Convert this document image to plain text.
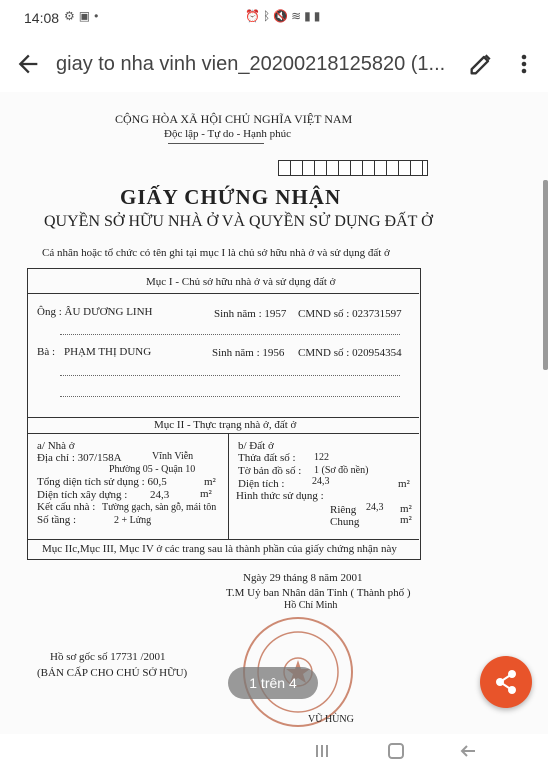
14:08 ⚙▣•	⏰ᛒ🔇≋▮▮
giay to nha vinh vien_20200218125820 (1...
CỘNG HÒA XÃ HỘI CHỦ NGHĨA VIỆT NAM
Độc lập - Tự do - Hạnh phúc
GIẤY CHỨNG NHẬN
QUYỀN SỞ HỮU NHÀ Ở VÀ QUYỀN SỬ DỤNG ĐẤT Ở
Cá nhân hoặc tổ chức có tên ghi tại mục I là chủ sở hữu nhà ở và sử dụng đất ở
Mục I - Chủ sở hữu nhà ở và sử dụng đất ở
Ông : ÂU DƯƠNG LINH	Sinh năm : 1957 CMND số : 023731597
Bà : PHẠM THỊ DUNG	Sinh năm : 1956 CMND số : 020954354
Mục II - Thực trạng nhà ở, đất ở
a/ Nhà ở
Địa chỉ : 307/158A	Vĩnh Viễn
Phường 05 - Quận 10
Tổng diện tích sử dụng : 60,5	m²
Diện tích xây dựng : 24,3	m²
Kết cấu nhà : Tường gạch, sàn gỗ, mái tôn
Số tầng :	2 + Lửng
b/ Đất ở
Thửa đất số : 122
Tờ bản đồ số : 1 (Sơ đồ nền)
Diện tích :	24,3	m²
Hình thức sử dụng :
Riêng 24,3 m²
Chung	m²
Mục IIc,Mục III, Mục IV ở các trang sau là thành phần của giấy chứng nhận này
Ngày 29 tháng 8 năm 2001
T.M Uỷ ban Nhân dân Tỉnh ( Thành phố )
Hồ Chí Minh
Hồ sơ gốc số 17731 /2001
(BẢN CẤP CHO CHỦ SỞ HỮU)
VŨ HÙNG
1 trên 4
